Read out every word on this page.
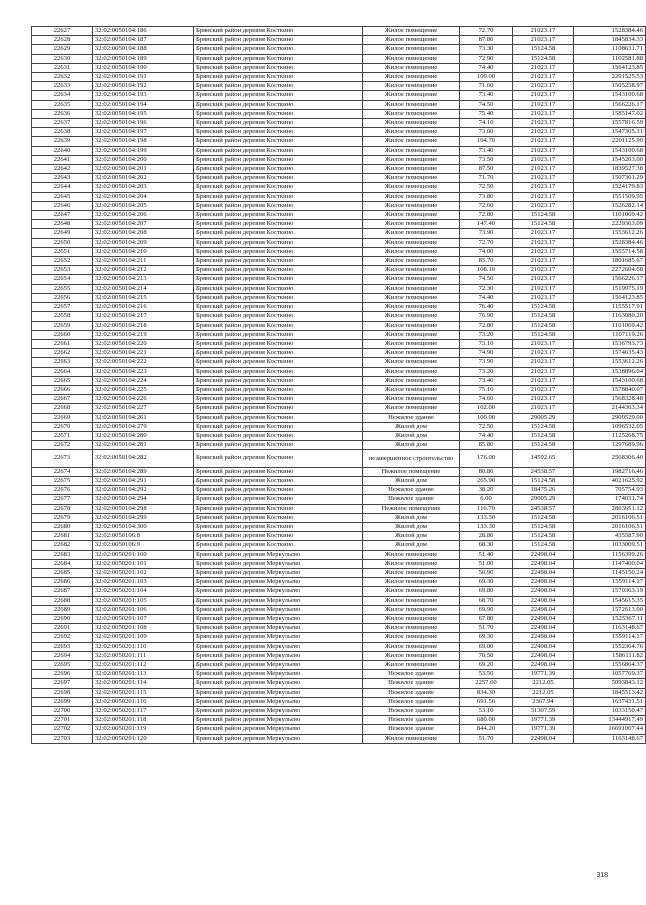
22627	32:02:0050104:186	Брянский район деревня Косткино	Жилое помещение	72.70	21023.17	1528384.46
22628	32:02:0050104:187	Брянский район деревня Косткино	Жилое помещение	87.80	21023.17	1845834.33
22629	32:02:0050104:188	Брянский район деревня Косткино	Жилое помещение	73.30	15124.58	1108631.71
22630	32:02:0050104:189	Брянский район деревня Косткино	Жилое помещение	72.90	15124.58	1102581.88
22631	32:02:0050104:190	Брянский район деревня Косткино	Жилое помещение	74.40	21023.17	1564123.85
22632	32:02:0050104:191	Брянский район деревня Косткино	Жилое помещение	109.00	21023.17	2291525.53
22633	32:02:0050104:192	Брянский район деревня Косткино	Жилое помещение	71.60	21023.17	1505258.97
22634	32:02:0050104:193	Брянский район деревня Косткино	Жилое помещение	73.40	21023.17	1543100.68
22635	32:02:0050104:194	Брянский район деревня Косткино	Жилое помещение	74.50	21023.17	1566226.17
22636	32:02:0050104:195	Брянский район деревня Косткино	Жилое помещение	75.40	21023.17	1585147.02
22637	32:02:0050104:196	Брянский район деревня Косткино	Жилое помещение	74.10	21023.17	1557816.59
22638	32:02:0050104:197	Брянский район деревня Косткино	Жилое помещение	73.60	21023.17	1547305.31
22639	32:02:0050104:198	Брянский район деревня Косткино	Жилое помещение	104.70	21023.17	2201125.90
22640	32:02:0050104:199	Брянский район деревня Косткино	Жилое помещение	73.40	21023.17	1543100.68
22641	32:02:0050104:200	Брянский район деревня Косткино	Жилое помещение	73.50	21023.17	1545203.00
22642	32:02:0050104:201	Брянский район деревня Косткино	Жилое помещение	87.50	21023.17	1839527.38
22643	32:02:0050104:202	Брянский район деревня Косткино	Жилое помещение	71.70	21023.17	1507361.29
22644	32:02:0050104:203	Брянский район деревня Косткино	Жилое помещение	72.50	21023.17	1524179.83
22645	32:02:0050104:204	Брянский район деревня Косткино	Жилое помещение	73.80	21023.17	1551509.95
22646	32:02:0050104:205	Брянский район деревня Косткино	Жилое помещение	72.60	21023.17	1526282.14
22647	32:02:0050104:206	Брянский район деревня Косткино	Жилое помещение	72.80	15124.58	1101069.42
22648	32:02:0050104:207	Брянский район деревня Косткино	Жилое помещение	147.40	15124.58	2229363.09
22649	32:02:0050104:208	Брянский район деревня Косткино	Жилое помещение	73.90	21023.17	1553612.26
22650	32:02:0050104:209	Брянский район деревня Косткино	Жилое помещение	72.70	21023.17	1528384.46
22651	32:02:0050104:210	Брянский район деревня Косткино	Жилое помещение	74.00	21023.17	1555714.58
22652	32:02:0050104:211	Брянский район деревня Косткино	Жилое помещение	85.70	21023.17	1801685.67
22653	32:02:0050104:212	Брянский район деревня Косткино	Жилое помещение	108.10	21023.17	2272604.68
22654	32:02:0050104:213	Брянский район деревня Косткино	Жилое помещение	74.50	21023.17	1566226.17
22655	32:02:0050104:214	Брянский район деревня Косткино	Жилое помещение	72.30	21023.17	1519975.19
22656	32:02:0050104:215	Брянский район деревня Косткино	Жилое помещение	74.40	21023.17	1564123.85
22657	32:02:0050104:216	Брянский район деревня Косткино	Жилое помещение	76.40	15124.58	1155517.91
22658	32:02:0050104:217	Брянский район деревня Косткино	Жилое помещение	76.90	15124.58	1163080.20
22659	32:02:0050104:218	Брянский район деревня Косткино	Жилое помещение	72.80	15124.58	1101069.42
22660	32:02:0050104:219	Брянский район деревня Косткино	Жилое помещение	73.20	15124.58	1107119.26
22661	32:02:0050104:220	Брянский район деревня Косткино	Жилое помещение	73.10	21023.17	1536793.73
22662	32:02:0050104:221	Брянский район деревня Косткино	Жилое помещение	74.90	21023.17	1574635.43
22663	32:02:0050104:222	Брянский район деревня Косткино	Жилое помещение	73.90	21023.17	1553612.26
22664	32:02:0050104:223	Брянский район деревня Косткино	Жилое помещение	73.20	21023.17	1538896.04
22665	32:02:0050104:224	Брянский район деревня Косткино	Жилое помещение	73.40	21023.17	1543100.68
22666	32:02:0050104:225	Брянский район деревня Косткино	Жилое помещение	75.10	21023.17	1578840.07
22667	32:02:0050104:226	Брянский район деревня Косткино	Жилое помещение	74.60	21023.17	1568328.48
22668	32:02:0050104:227	Брянский район деревня Косткино	Жилое помещение	102.00	21023.17	2144363.34
22669	32:02:0050104:261	Брянский район деревня Косткино	Нежилое здание	100.00	29005.29	2900529.00
22670	32:02:0050104:279	Брянский район деревня Косткино	Жилой дом	72.50	15124.58	1096532.05
22671	32:02:0050104:280	Брянский район деревня Косткино	Жилой дом	74.40	15124.58	1125268.75
22672	32:02:0050104:281	Брянский район деревня Косткино	Жилой дом	85.80	15124.58	1297689.96
22673	32:02:0050104:282	Брянский район деревня Косткино	незавершенное строительство	176.00	14592.65	2568306.40
22674	32:02:0050104:289	Брянский район деревня Косткино	Нежилое помещение	80.80	24538.57	1982716.46
22675	32:02:0050104:291	Брянский район деревня Косткино	Жилой дом	265.90	15124.58	4021625.92
22676	32:02:0050104:292	Брянский район деревня Косткино	Нежилое здание	38.20	18475.26	705754.93
22677	32:02:0050104:294	Брянский район деревня Косткино	Нежилое здание	6.00	29005.29	174031.74
22678	32:02:0050104:298	Брянский район деревня Косткино	Нежилое помещение	116.70	24538.57	2863651.12
22679	32:02:0050104:299	Брянский район деревня Косткино	Жилой дом	133.30	15124.58	2016106.51
22680	32:02:0050104:300	Брянский район деревня Косткино	Жилой дом	133.30	15124.58	2016106.51
22681	32:02:0050106:8	Брянский район деревня Косткино	Жилой дом	28.80	15124.58	435587.90
22682	32:02:0050106:9	Брянский район деревня Косткино	Жилой дом	68.30	15124.58	1033009.51
22683	32:02:0050201:100	Брянский район деревня Меркульево	Жилое помещение	51.40	22498.04	1156399.26
22684	32:02:0050201:101	Брянский район деревня Меркульево	Жилое помещение	51.00	22498.04	1147400.04
22685	32:02:0050201:102	Брянский район деревня Меркульево	Жилое помещение	50.90	22498.04	1145150.24
22686	32:02:0050201:103	Брянский район деревня Меркульево	Жилое помещение	69.30	22498.04	1559114.17
22687	32:02:0050201:104	Брянский район деревня Меркульево	Жилое помещение	69.80	22498.04	1570363.19
22688	32:02:0050201:105	Брянский район деревня Меркульево	Жилое помещение	68.70	22498.04	1545615.35
22689	32:02:0050201:106	Брянский район деревня Меркульево	Жилое помещение	69.90	22498.04	1572613.00
22690	32:02:0050201:107	Брянский район деревня Меркульево	Жилое помещение	67.80	22498.04	1525367.11
22691	32:02:0050201:108	Брянский район деревня Меркульево	Жилое помещение	51.70	22498.04	1163148.67
22692	32:02:0050201:109	Брянский район деревня Меркульево	Жилое помещение	69.30	22498.04	1559114.17
22693	32:02:0050201:110	Брянский район деревня Меркульево	Жилое помещение	69.00	22498.04	1552364.76
22694	32:02:0050201:111	Брянский район деревня Меркульево	Жилое помещение	70.50	22498.04	1586111.82
22695	32:02:0050201:112	Брянский район деревня Меркульево	Жилое помещение	69.20	22498.04	1556864.37
22696	32:02:0050201:113	Брянский район деревня Меркульево	Нежилое здание	53.50	19771.39	1057769.37
22697	32:02:0050201:114	Брянский район деревня Меркульево	Нежилое здание	2257.60	2212.05	5093843.12
22698	32:02:0050201:115	Брянский район деревня Меркульево	Нежилое здание	834.30	2212.05	1845513.42
22699	32:02:0050201:116	Брянский район деревня Меркульево	Нежилое здание	691.50	2367.94	1637431.51
22700	32:02:0050201:117	Брянский район деревня Меркульево	Нежилое здание	53.10	31307.59	1033150.47
22701	32:02:0050201:118	Брянский район деревня Меркульево	Нежилое здание	680.00	19771.39	13444917.49
22702	32:02:0050201:119	Брянский район деревня Меркульево	Нежилое здание	844.20	19771.39	16691007.44
22703	32:02:0050201:120	Брянский район деревня Меркульево	Жилое помещение	51.70	22498.04	1163148.67
318
